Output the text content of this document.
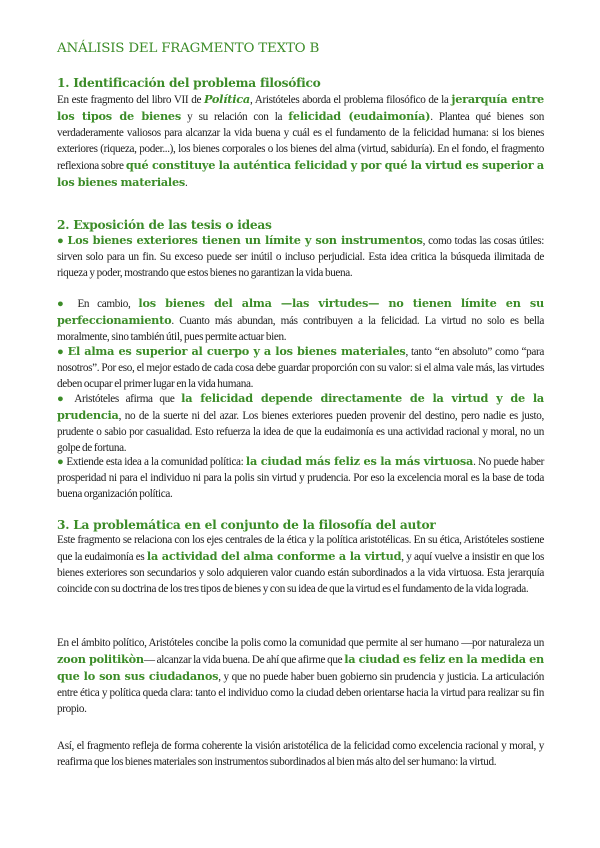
ANÁLISIS DEL FRAGMENTO TEXTO B
1. Identificación del problema filosófico

En este fragmento del libro VII de Política, Aristóteles aborda el problema filosófico de la jerarquía entre los tipos de bienes y su relación con la felicidad (eudaimonía). Plantea qué bienes son verdaderamente valiosos para alcanzar la vida buena y cuál es el fundamento de la felicidad humana: si los bienes exteriores (riqueza, poder...), los bienes corporales o los bienes del alma (virtud, sabiduría). En el fondo, el fragmento reflexiona sobre qué constituye la auténtica felicidad y por qué la virtud es superior a los bienes materiales.

2. Exposición de las tesis o ideas

● Los bienes exteriores tienen un límite y son instrumentos, como todas las cosas útiles: sirven solo para un fin. Su exceso puede ser inútil o incluso perjudicial. Esta idea critica la búsqueda ilimitada de riqueza y poder, mostrando que estos bienes no garantizan la vida buena.

● En cambio, los bienes del alma —las virtudes— no tienen límite en su perfeccionamiento. Cuanto más abundan, más contribuyen a la felicidad. La virtud no solo es bella moralmente, sino también útil, pues permite actuar bien.

● El alma es superior al cuerpo y a los bienes materiales, tanto “en absoluto” como “para nosotros”. Por eso, el mejor estado de cada cosa debe guardar proporción con su valor: si el alma vale más, las virtudes deben ocupar el primer lugar en la vida humana.

● Aristóteles afirma que la felicidad depende directamente de la virtud y de la prudencia, no de la suerte ni del azar. Los bienes exteriores pueden provenir del destino, pero nadie es justo, prudente o sabio por casualidad. Esto refuerza la idea de que la eudaimonía es una actividad racional y moral, no un golpe de fortuna.

● Extiende esta idea a la comunidad política: la ciudad más feliz es la más virtuosa. No puede haber prosperidad ni para el individuo ni para la polis sin virtud y prudencia. Por eso la excelencia moral es la base de toda buena organización política.

3. La problemática en el conjunto de la filosofía del autor

Este fragmento se relaciona con los ejes centrales de la ética y la política aristotélicas. En su ética, Aristóteles sostiene que la eudaimonía es la actividad del alma conforme a la virtud, y aquí vuelve a insistir en que los bienes exteriores son secundarios y solo adquieren valor cuando están subordinados a la vida virtuosa. Esta jerarquía coincide con su doctrina de los tres tipos de bienes y con su idea de que la virtud es el fundamento de la vida lograda.

En el ámbito político, Aristóteles concibe la polis como la comunidad que permite al ser humano —por naturaleza un zoon politikòn— alcanzar la vida buena. De ahí que afirme que la ciudad es feliz en la medida en que lo son sus ciudadanos, y que no puede haber buen gobierno sin prudencia y justicia. La articulación entre ética y política queda clara: tanto el individuo como la ciudad deben orientarse hacia la virtud para realizar su fin propio.

Así, el fragmento refleja de forma coherente la visión aristotélica de la felicidad como excelencia racional y moral, y reafirma que los bienes materiales son instrumentos subordinados al bien más alto del ser humano: la virtud.
